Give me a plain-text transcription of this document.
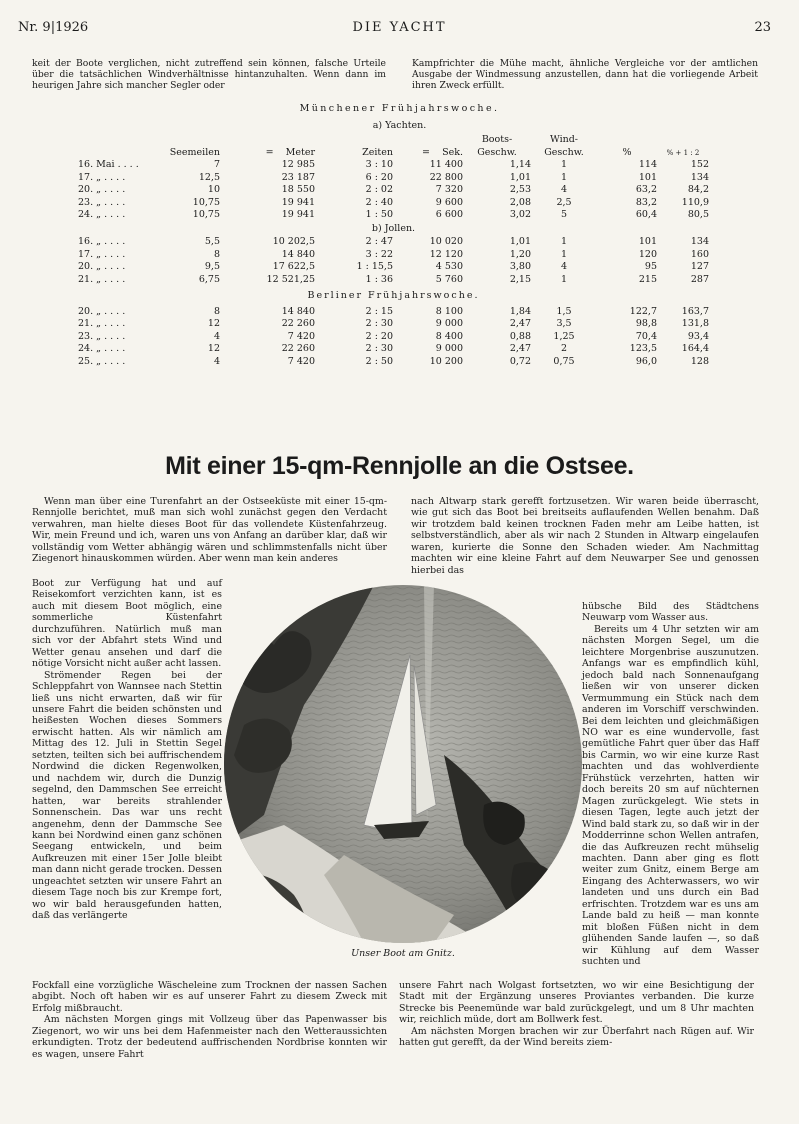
Nr. 9|1926	DIE YACHT	23
keit der Boote verglichen, nicht zutreffend sein können, falsche Urteile über die tatsächlichen Windverhältnisse hintanzuhalten. Wenn dann im heurigen Jahre sich mancher Segler oder
Kampfrichter die Mühe macht, ähnliche Vergleiche vor der amtlichen Ausgabe der Windmessung anzustellen, dann hat die vorliegende Arbeit ihren Zweck erfüllt.
Münchener Frühjahrswoche.
a) Yachten.
	Seemeilen	= Meter	Zeiten	= Sek.	Boots-
Geschw.	Wind-
Geschw.	%	% + 1 : 2
16. Mai . . . .	7	12 985	3 : 10	11 400	1,14	1	114	152
17. „ . . . .	12,5	23 187	6 : 20	22 800	1,01	1	101	134
20. „ . . . .	10	18 550	2 : 02	7 320	2,53	4	63,2	84,2
23. „ . . . .	10,75	19 941	2 : 40	9 600	2,08	2,5	83,2	110,9
24. „ . . . .	10,75	19 941	1 : 50	6 600	3,02	5	60,4	80,5
b) Jollen.								
16. „ . . . .	5,5	10 202,5	2 : 47	10 020	1,01	1	101	134
17. „ . . . .	8	14 840	3 : 22	12 120	1,20	1	120	160
20. „ . . . .	9,5	17 622,5	1 : 15,5	4 530	3,80	4	95	127
21. „ . . . .	6,75	12 521,25	1 : 36	5 760	2,15	1	215	287
Berliner Frühjahrswoche.								
20. „ . . . .	8	14 840	2 : 15	8 100	1,84	1,5	122,7	163,7
21. „ . . . .	12	22 260	2 : 30	9 000	2,47	3,5	98,8	131,8
23. „ . . . .	4	7 420	2 : 20	8 400	0,88	1,25	70,4	93,4
24. „ . . . .	12	22 260	2 : 30	9 000	2,47	2	123,5	164,4
25. „ . . . .	4	7 420	2 : 50	10 200	0,72	0,75	96,0	128
Mit einer 15-qm-Rennjolle an die Ostsee.

Wenn man über eine Turenfahrt an der Ostseeküste mit einer 15-qm-Rennjolle berichtet, muß man sich wohl zunächst gegen den Verdacht verwahren, man hielte dieses Boot für das vollendete Küstenfahrzeug. Wir, mein Freund und ich, waren uns von Anfang an darüber klar, daß wir vollständig vom Wetter abhängig wären und schlimmstenfalls nicht über Ziegenort hinauskommen würden. Aber wenn man kein anderes

nach Altwarp stark gerefft fortzusetzen. Wir waren beide überrascht, wie gut sich das Boot bei breitseits auflaufenden Wellen benahm. Daß wir trotzdem bald keinen trocknen Faden mehr am Leibe hatten, ist selbstverständlich, aber als wir nach 2 Stunden in Altwarp eingelaufen waren, kurierte die Sonne den Schaden wieder. Am Nachmittag machten wir eine kleine Fahrt auf dem Neuwarper See und genossen hierbei das

Boot zur Verfügung hat und auf Reisekomfort verzichten kann, ist es auch mit diesem Boot möglich, eine sommerliche Küstenfahrt durchzuführen. Natürlich muß man sich vor der Abfahrt stets Wind und Wetter genau ansehen und darf die nötige Vorsicht nicht außer acht lassen.

Strömender Regen bei der Schleppfahrt von Wannsee nach Stettin ließ uns nicht erwarten, daß wir für unsere Fahrt die beiden schönsten und heißesten Wochen dieses Sommers erwischt hatten. Als wir nämlich am Mittag des 12. Juli in Stettin Segel setzten, teilten sich bei auffrischendem Nordwind die dicken Regenwolken, und nachdem wir, durch die Dunzig segelnd, den Dammschen See erreicht hatten, war bereits strahlender Sonnenschein. Das war uns recht angenehm, denn der Dammsche See kann bei Nordwind einen ganz schönen Seegang entwickeln, und beim Aufkreuzen mit einer 15er Jolle bleibt man dann nicht gerade trocken. Dessen ungeachtet setzten wir unsere Fahrt an diesem Tage noch bis zur Krempe fort, wo wir bald herausgefunden hatten, daß das verlängerte

Unser Boot am Gnitz.

hübsche Bild des Städtchens Neuwarp vom Wasser aus.

Bereits um 4 Uhr setzten wir am nächsten Morgen Segel, um die leichtere Morgenbrise auszunutzen. Anfangs war es empfindlich kühl, jedoch bald nach Sonnenaufgang ließen wir von unserer dicken Vermummung ein Stück nach dem anderen im Vorschiff verschwinden. Bei dem leichten und gleichmäßigen NO war es eine wundervolle, fast gemütliche Fahrt quer über das Haff bis Carmin, wo wir eine kurze Rast machten und das wohlverdiente Frühstück verzehrten, hatten wir doch bereits 20 sm auf nüchternen Magen zurückgelegt. Wie stets in diesen Tagen, legte auch jetzt der Wind bald stark zu, so daß wir in der Modderrinne schon Wellen antrafen, die das Aufkreuzen recht mühselig machten. Dann aber ging es flott weiter zum Gnitz, einem Berge am Eingang des Achterwassers, wo wir landeten und uns durch ein Bad erfrischten. Trotzdem war es uns am Lande bald zu heiß — man konnte mit bloßen Füßen nicht in dem glühenden Sande laufen —, so daß wir Kühlung auf dem Wasser suchten und

Fockfall eine vorzügliche Wäscheleine zum Trocknen der nassen Sachen abgibt. Noch oft haben wir es auf unserer Fahrt zu diesem Zweck mit Erfolg mißbraucht.

Am nächsten Morgen gings mit Vollzeug über das Papenwasser bis Ziegenort, wo wir uns bei dem Hafenmeister nach den Wetteraussichten erkundigten. Trotz der bedeutend auffrischenden Nordbrise konnten wir es wagen, unsere Fahrt

unsere Fahrt nach Wolgast fortsetzten, wo wir eine Besichtigung der Stadt mit der Ergänzung unseres Proviantes verbanden. Die kurze Strecke bis Peenemünde war bald zurückgelegt, und um 8 Uhr machten wir, reichlich müde, dort am Bollwerk fest.

Am nächsten Morgen brachen wir zur Überfahrt nach Rügen auf. Wir hatten gut gerefft, da der Wind bereits ziem-
